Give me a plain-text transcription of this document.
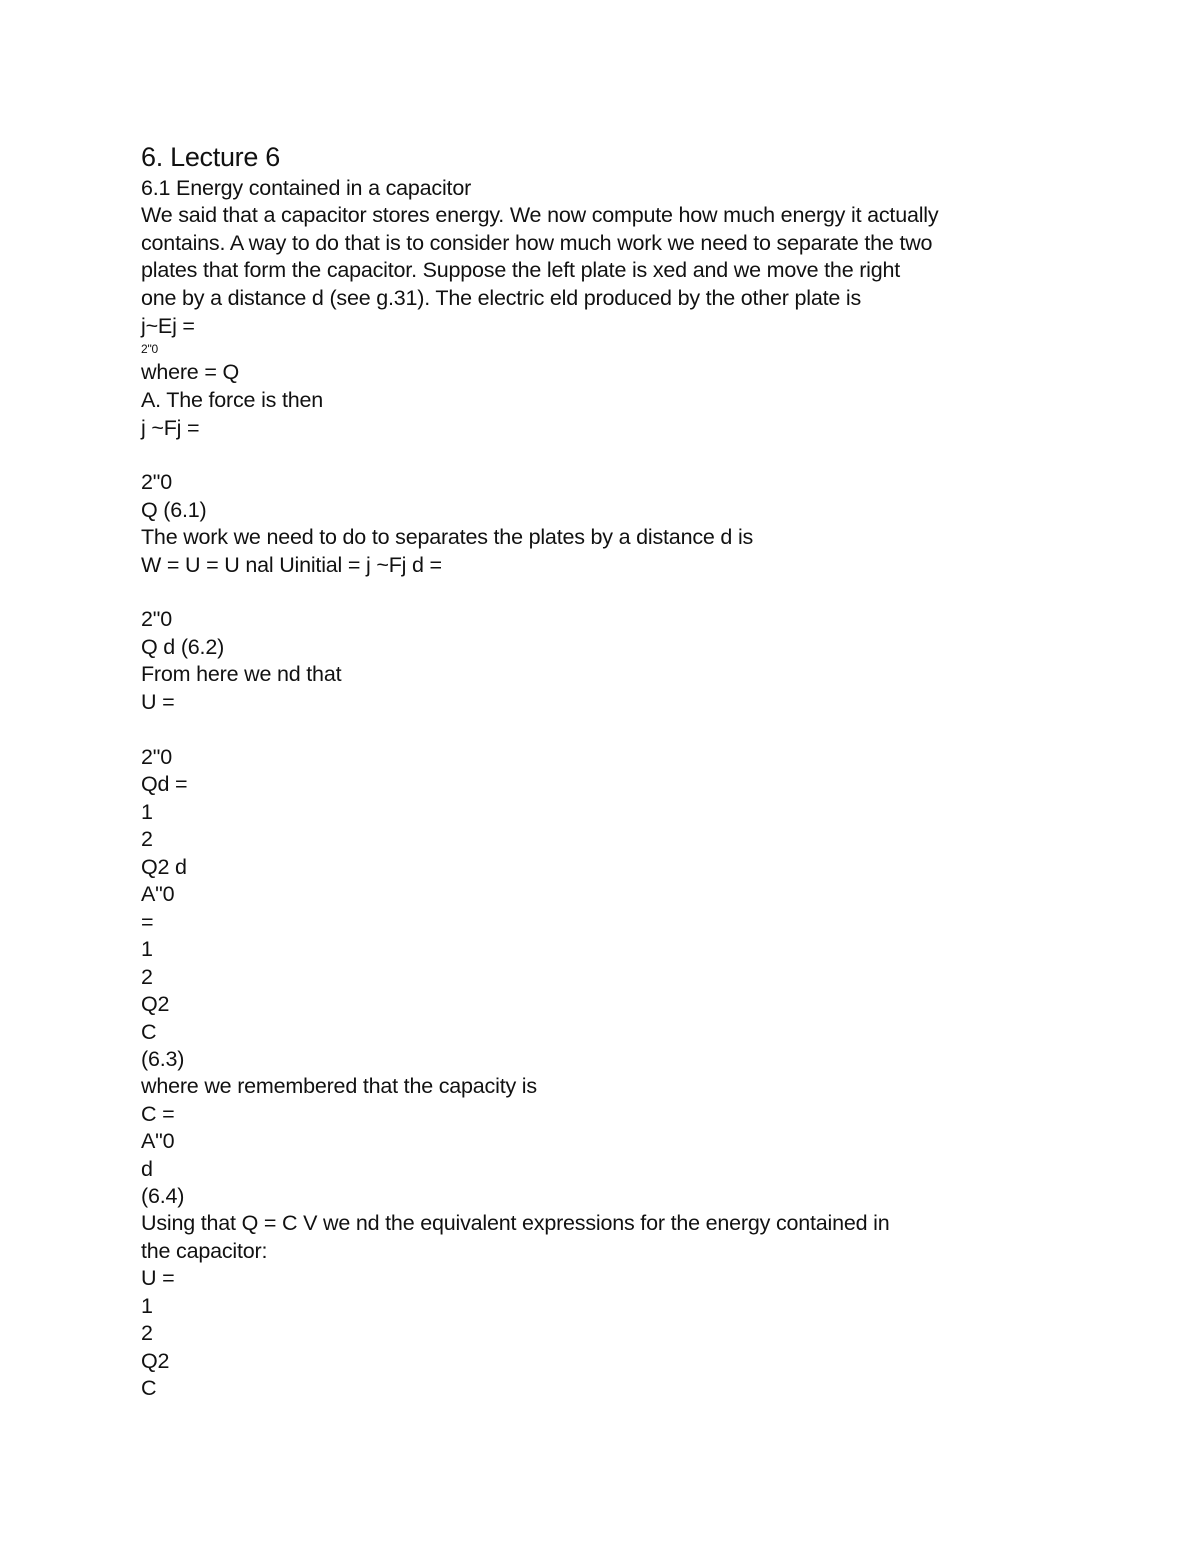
6. Lecture 6
6.1 Energy contained in a capacitor
We said that a capacitor stores energy. We now compute how much energy it actually
contains. A way to do that is to consider how much work we need to separate the two
plates that form the capacitor. Suppose the left plate is xed and we move the right
one by a distance d (see g.31). The electric eld produced by the other plate is
j~Ej =
2"0
where = Q
A. The force is then
j ~Fj =
2"0
Q (6.1)
The work we need to do to separates the plates by a distance d is
W = U = U nal Uinitial = j ~Fj d =
2"0
Q d (6.2)
From here we nd that
U =
2"0
Qd =
1
2
Q2 d
A"0
=
1
2
Q2
C
(6.3)
where we remembered that the capacity is
C =
A"0
d
(6.4)
Using that Q = C V we nd the equivalent expressions for the energy contained in
the capacitor:
U =
1
2
Q2
C
